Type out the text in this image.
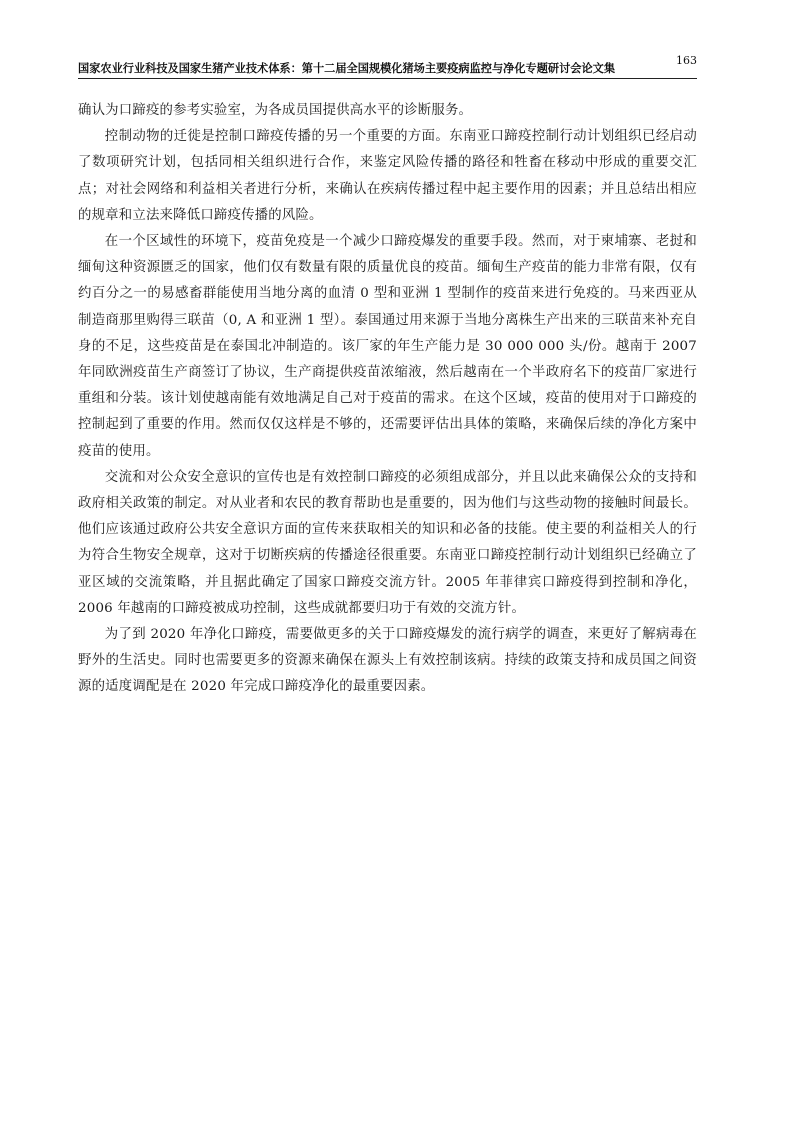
国家农业行业科技及国家生猪产业技术体系：第十二届全国规模化猪场主要疫病监控与净化专题研讨会论文集
163

确认为口蹄疫的参考实验室，为各成员国提供高水平的诊断服务。

控制动物的迁徙是控制口蹄疫传播的另一个重要的方面。东南亚口蹄疫控制行动计划组织已经启动了数项研究计划，包括同相关组织进行合作，来鉴定风险传播的路径和牲畜在移动中形成的重要交汇点；对社会网络和利益相关者进行分析，来确认在疾病传播过程中起主要作用的因素；并且总结出相应的规章和立法来降低口蹄疫传播的风险。

在一个区域性的环境下，疫苗免疫是一个减少口蹄疫爆发的重要手段。然而，对于柬埔寨、老挝和缅甸这种资源匮乏的国家，他们仅有数量有限的质量优良的疫苗。缅甸生产疫苗的能力非常有限，仅有约百分之一的易感畜群能使用当地分离的血清 0 型和亚洲 1 型制作的疫苗来进行免疫的。马来西亚从制造商那里购得三联苗（0, A 和亚洲 1 型）。泰国通过用来源于当地分离株生产出来的三联苗来补充自身的不足，这些疫苗是在泰国北冲制造的。该厂家的年生产能力是 30 000 000 头/份。越南于 2007 年同欧洲疫苗生产商签订了协议，生产商提供疫苗浓缩液，然后越南在一个半政府名下的疫苗厂家进行重组和分装。该计划使越南能有效地满足自己对于疫苗的需求。在这个区域，疫苗的使用对于口蹄疫的控制起到了重要的作用。然而仅仅这样是不够的，还需要评估出具体的策略，来确保后续的净化方案中疫苗的使用。

交流和对公众安全意识的宣传也是有效控制口蹄疫的必须组成部分，并且以此来确保公众的支持和政府相关政策的制定。对从业者和农民的教育帮助也是重要的，因为他们与这些动物的接触时间最长。他们应该通过政府公共安全意识方面的宣传来获取相关的知识和必备的技能。使主要的利益相关人的行为符合生物安全规章，这对于切断疾病的传播途径很重要。东南亚口蹄疫控制行动计划组织已经确立了亚区域的交流策略，并且据此确定了国家口蹄疫交流方针。2005 年菲律宾口蹄疫得到控制和净化，2006 年越南的口蹄疫被成功控制，这些成就都要归功于有效的交流方针。

为了到 2020 年净化口蹄疫，需要做更多的关于口蹄疫爆发的流行病学的调查，来更好了解病毒在野外的生活史。同时也需要更多的资源来确保在源头上有效控制该病。持续的政策支持和成员国之间资源的适度调配是在 2020 年完成口蹄疫净化的最重要因素。
